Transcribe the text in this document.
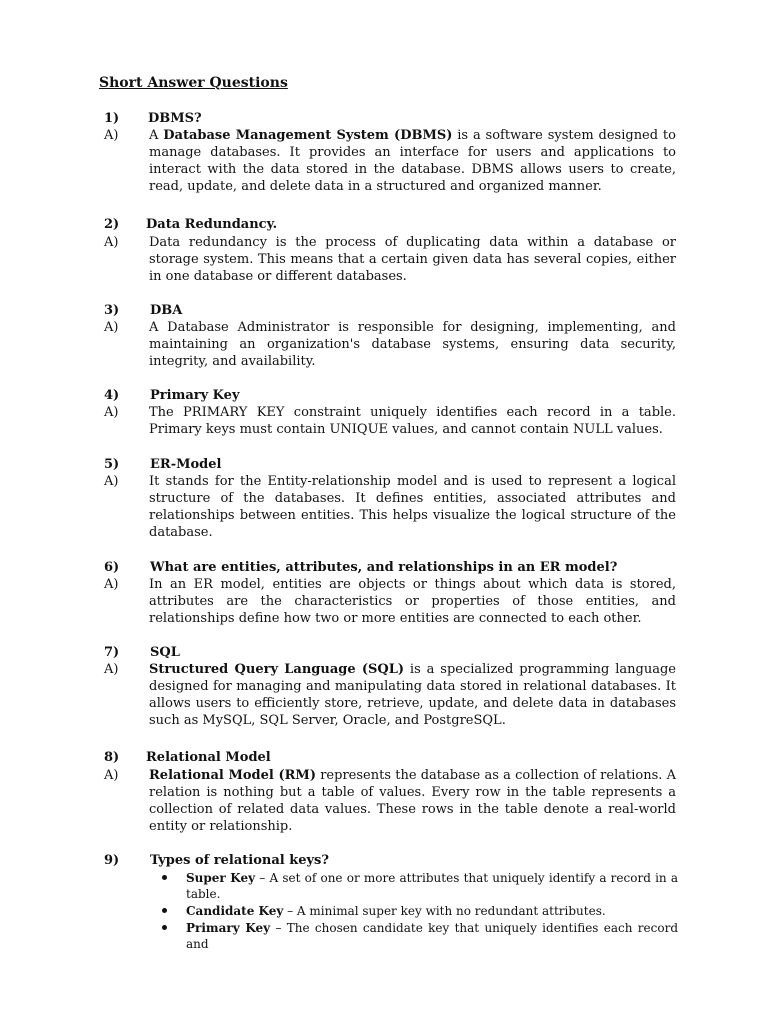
Short Answer Questions
1) DBMS?
A) A Database Management System (DBMS) is a software system designed to manage databases. It provides an interface for users and applications to interact with the data stored in the database. DBMS allows users to create, read, update, and delete data in a structured and organized manner.
2) Data Redundancy.
A) Data redundancy is the process of duplicating data within a database or storage system. This means that a certain given data has several copies, either in one database or different databases.
3) DBA
A) A Database Administrator is responsible for designing, implementing, and maintaining an organization's database systems, ensuring data security, integrity, and availability.
4) Primary Key
A) The PRIMARY KEY constraint uniquely identifies each record in a table. Primary keys must contain UNIQUE values, and cannot contain NULL values.
5) ER-Model
A) It stands for the Entity-relationship model and is used to represent a logical structure of the databases. It defines entities, associated attributes and relationships between entities. This helps visualize the logical structure of the database.
6) What are entities, attributes, and relationships in an ER model?
A) In an ER model, entities are objects or things about which data is stored, attributes are the characteristics or properties of those entities, and relationships define how two or more entities are connected to each other.
7) SQL
A) Structured Query Language (SQL) is a specialized programming language designed for managing and manipulating data stored in relational databases. It allows users to efficiently store, retrieve, update, and delete data in databases such as MySQL, SQL Server, Oracle, and PostgreSQL.
8) Relational Model
A) Relational Model (RM) represents the database as a collection of relations. A relation is nothing but a table of values. Every row in the table represents a collection of related data values. These rows in the table denote a real-world entity or relationship.
9) Types of relational keys?
Super Key – A set of one or more attributes that uniquely identify a record in a table.
Candidate Key – A minimal super key with no redundant attributes.
Primary Key – The chosen candidate key that uniquely identifies each record and
